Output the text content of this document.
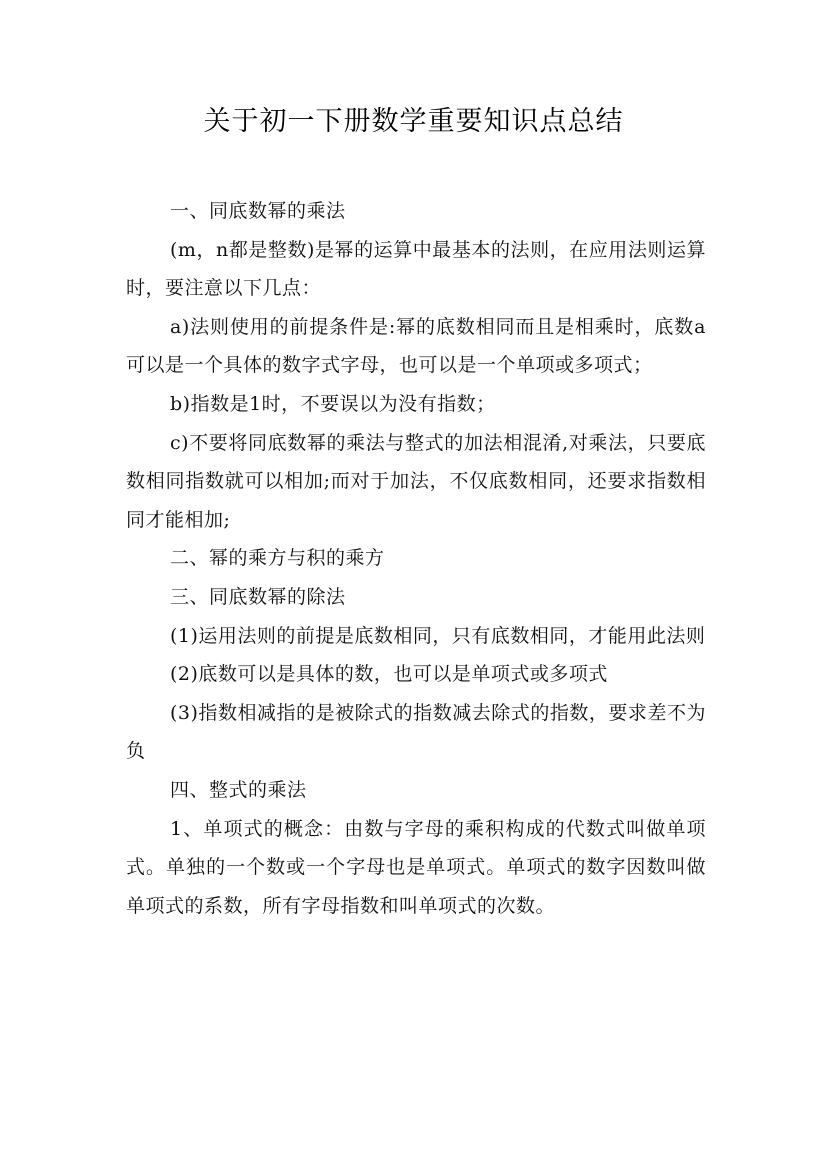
关于初一下册数学重要知识点总结

一、同底数幂的乘法

(m，n都是整数)是幂的运算中最基本的法则，在应用法则运算时，要注意以下几点：

a)法则使用的前提条件是:幂的底数相同而且是相乘时，底数a可以是一个具体的数字式字母，也可以是一个单项或多项式；

b)指数是1时，不要误以为没有指数；

c)不要将同底数幂的乘法与整式的加法相混淆,对乘法，只要底数相同指数就可以相加;而对于加法，不仅底数相同，还要求指数相同才能相加;

二、幂的乘方与积的乘方

三、同底数幂的除法

(1)运用法则的前提是底数相同，只有底数相同，才能用此法则

(2)底数可以是具体的数，也可以是单项式或多项式

(3)指数相减指的是被除式的指数减去除式的指数，要求差不为负

四、整式的乘法

1、单项式的概念：由数与字母的乘积构成的代数式叫做单项式。单独的一个数或一个字母也是单项式。单项式的数字因数叫做单项式的系数，所有字母指数和叫单项式的次数。
